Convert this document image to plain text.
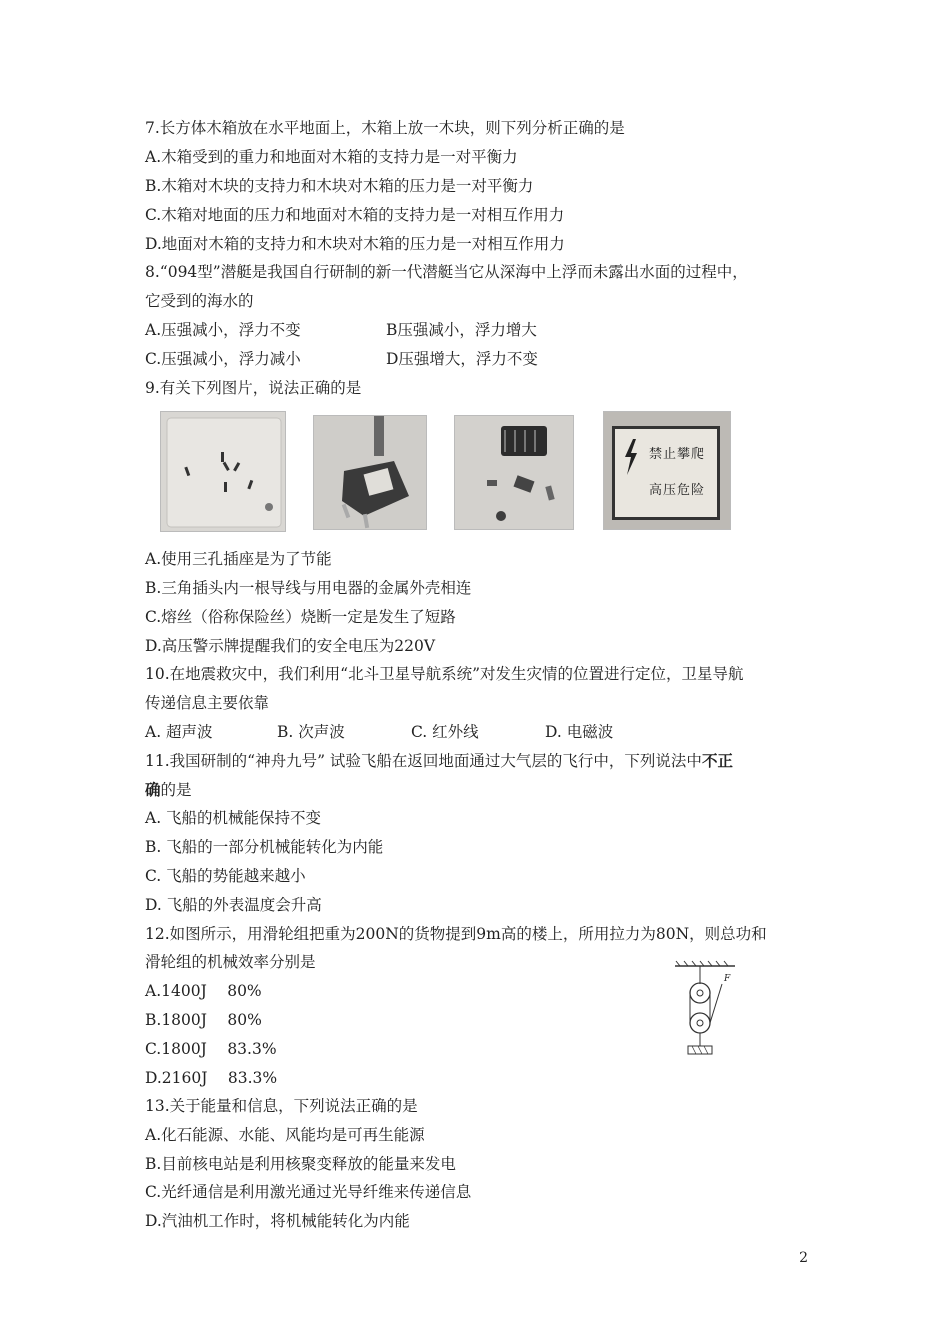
7.长方体木箱放在水平地面上，木箱上放一木块，则下列分析正确的是
A.木箱受到的重力和地面对木箱的支持力是一对平衡力
B.木箱对木块的支持力和木块对木箱的压力是一对平衡力
C.木箱对地面的压力和地面对木箱的支持力是一对相互作用力
D.地面对木箱的支持力和木块对木箱的压力是一对相互作用力
8.“094型”潜艇是我国自行研制的新一代潜艇当它从深海中上浮而未露出水面的过程中，
它受到的海水的
A.压强减小，浮力不变	B压强减小，浮力增大
C.压强减小，浮力减小	D压强增大，浮力不变
9.有关下列图片，说法正确的是
禁止攀爬
高压危险
A.使用三孔插座是为了节能
B.三角插头内一根导线与用电器的金属外壳相连
C.熔丝（俗称保险丝）烧断一定是发生了短路
D.高压警示牌提醒我们的安全电压为220V
10.在地震救灾中，我们利用“北斗卫星导航系统”对发生灾情的位置进行定位，卫星导航
传递信息主要依靠
A. 超声波	B. 次声波	C. 红外线	D. 电磁波
11.我国研制的“神舟九号” 试验飞船在返回地面通过大气层的飞行中，下列说法中不正
确的是
A. 飞船的机械能保持不变
B. 飞船的一部分机械能转化为内能
C. 飞船的势能越来越小
D. 飞船的外表温度会升高
12.如图所示，用滑轮组把重为200N的货物提到9m高的楼上，所用拉力为80N，则总功和
滑轮组的机械效率分别是
A.1400J　 80%
B.1800J　 80%
C.1800J　 83.3%
D.2160J　 83.3%
F
13.关于能量和信息，下列说法正确的是
A.化石能源、水能、风能均是可再生能源
B.目前核电站是利用核聚变释放的能量来发电
C.光纤通信是利用激光通过光导纤维来传递信息
D.汽油机工作时，将机械能转化为内能
2
